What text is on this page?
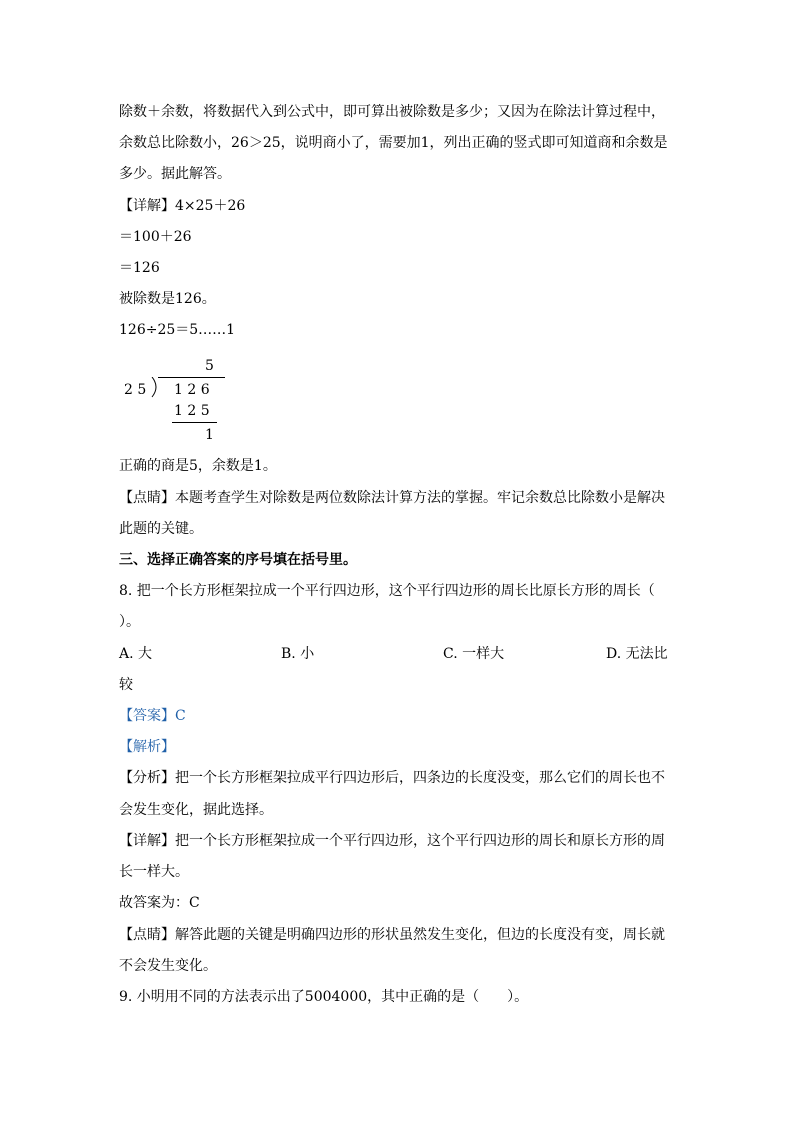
除数＋余数，将数据代入到公式中，即可算出被除数是多少；又因为在除法计算过程中，
余数总比除数小，26＞25，说明商小了，需要加1，列出正确的竖式即可知道商和余数是
多少。据此解答。
【详解】4×25＋26
＝100＋26
＝126
被除数是126。
126÷25＝5……1
5
2 5 1 2 6
1 2 5
1
正确的商是5，余数是1。
【点睛】本题考查学生对除数是两位数除法计算方法的掌握。牢记余数总比除数小是解决
此题的关键。
三、选择正确答案的序号填在括号里。
8. 把一个长方形框架拉成一个平行四边形，这个平行四边形的周长比原长方形的周长（
）。
A. 大	B. 小	C. 一样大	D. 无法比
较
【答案】C
【解析】
【分析】把一个长方形框架拉成平行四边形后，四条边的长度没变，那么它们的周长也不
会发生变化，据此选择。
【详解】把一个长方形框架拉成一个平行四边形，这个平行四边形的周长和原长方形的周
长一样大。
故答案为：C
【点睛】解答此题的关键是明确四边形的形状虽然发生变化，但边的长度没有变，周长就
不会发生变化。
9. 小明用不同的方法表示出了5004000，其中正确的是（　　）。
